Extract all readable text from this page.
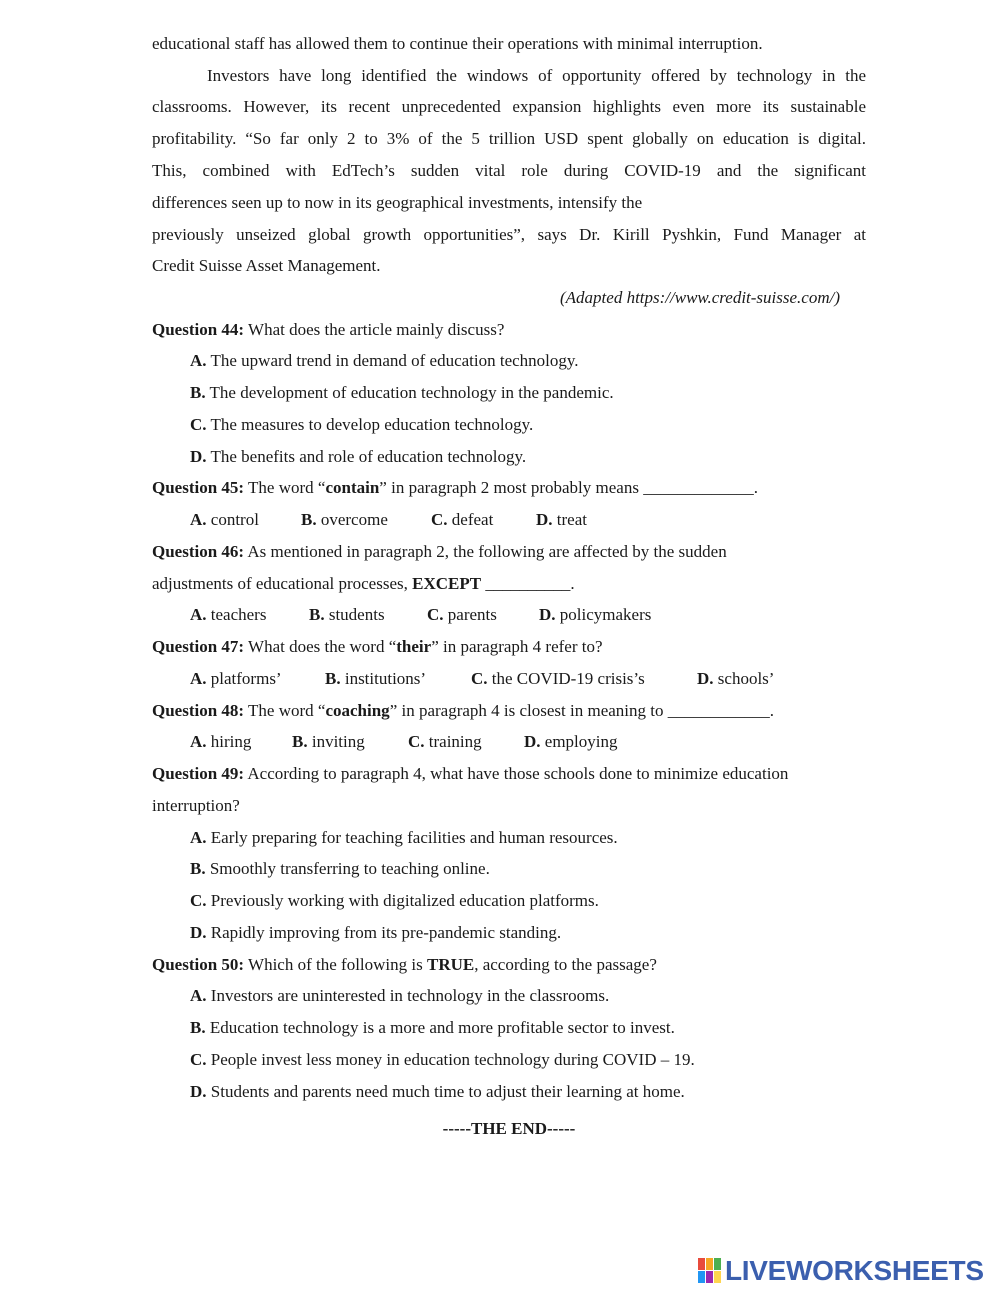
educational staff has allowed them to continue their operations with minimal interruption.
Investors have long identified the windows of opportunity offered by technology in the
classrooms. However, its recent unprecedented expansion highlights even more its sustainable
profitability. “So far only 2 to 3% of the 5 trillion USD spent globally on education is digital.
This, combined with EdTech’s sudden vital role during COVID-19 and the significant
differences seen up to now in its geographical investments, intensify the
previously unseized global growth opportunities”, says Dr. Kirill Pyshkin, Fund Manager at
Credit Suisse Asset Management.
(Adapted https://www.credit-suisse.com/)
Question 44: What does the article mainly discuss?
A. The upward trend in demand of education technology.
B. The development of education technology in the pandemic.
C. The measures to develop education technology.
D. The benefits and role of education technology.
Question 45: The word “contain” in paragraph 2 most probably means _____________.
A. control B. overcome	C. defeat	D. treat
Question 46: As mentioned in paragraph 2, the following are affected by the sudden
adjustments of educational processes, EXCEPT __________.
A. teachers	B. students C. parents D. policymakers
Question 47: What does the word “their” in paragraph 4 refer to?
A. platforms’	B. institutions’	C. the COVID-19 crisis’s	D. schools’
Question 48: The word “coaching” in paragraph 4 is closest in meaning to ____________.
A. hiring B. inviting	C. training D. employing
Question 49: According to paragraph 4, what have those schools done to minimize education
interruption?
A. Early preparing for teaching facilities and human resources.
B. Smoothly transferring to teaching online.
C. Previously working with digitalized education platforms.
D. Rapidly improving from its pre-pandemic standing.
Question 50: Which of the following is TRUE, according to the passage?
A. Investors are uninterested in technology in the classrooms.
B. Education technology is a more and more profitable sector to invest.
C. People invest less money in education technology during COVID – 19.
D. Students and parents need much time to adjust their learning at home.
-----THE END-----
LIVEWORKSHEETS
